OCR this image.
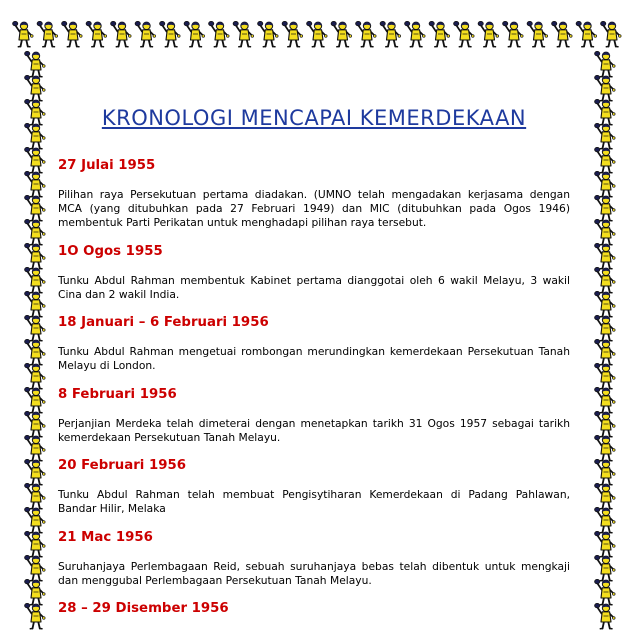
KRONOLOGI MENCAPAI KEMERDEKAAN
27 Julai 1955
Pilihan raya Persekutuan pertama diadakan. (UMNO telah mengadakan kerjasama dengan
MCA (yang ditubuhkan pada 27 Februari 1949) dan MIC (ditubuhkan pada Ogos 1946)
membentuk Parti Perikatan untuk menghadapi pilihan raya tersebut.
1O Ogos 1955
Tunku Abdul Rahman membentuk Kabinet pertama dianggotai oleh 6 wakil Melayu, 3 wakil
Cina dan 2 wakil India.
18 Januari – 6 Februari 1956
Tunku Abdul Rahman mengetuai rombongan merundingkan kemerdekaan Persekutuan Tanah
Melayu di London.
8 Februari 1956
Perjanjian Merdeka telah dimeterai dengan menetapkan tarikh 31 Ogos 1957 sebagai tarikh
kemerdekaan Persekutuan Tanah Melayu.
20 Februari 1956
Tunku Abdul Rahman telah membuat Pengisytiharan Kemerdekaan di Padang Pahlawan,
Bandar Hilir, Melaka
21 Mac 1956
Suruhanjaya Perlembagaan Reid, sebuah suruhanjaya bebas telah dibentuk untuk mengkaji
dan menggubal Perlembagaan Persekutuan Tanah Melayu.
28 – 29 Disember 1956
